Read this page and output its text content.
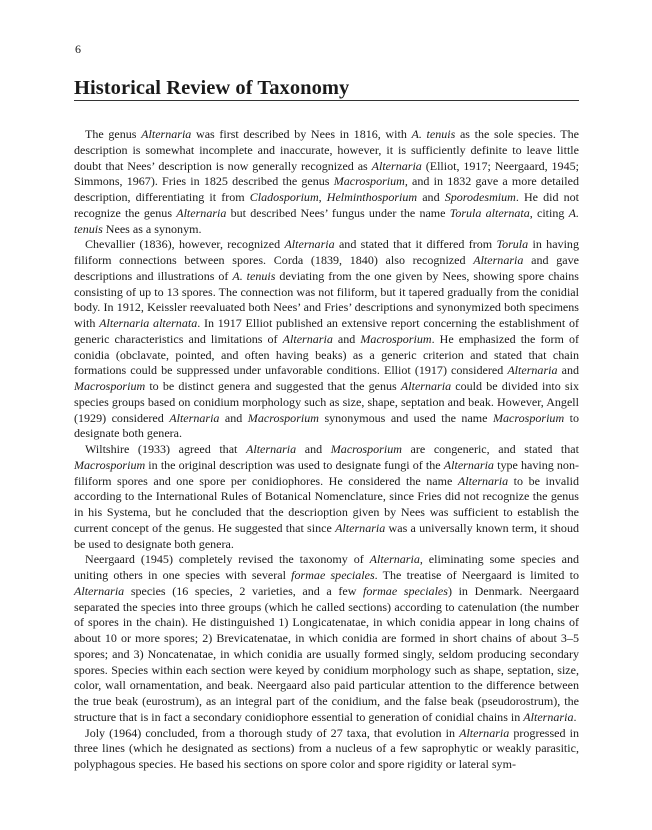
6
Historical Review of Taxonomy

The genus Alternaria was first described by Nees in 1816, with A. tenuis as the sole species. The description is somewhat incomplete and inaccurate, however, it is sufficiently definite to leave little doubt that Nees’ description is now generally recognized as Alternaria (Elliot, 1917; Neergaard, 1945; Simmons, 1967). Fries in 1825 described the genus Macrosporium, and in 1832 gave a more detailed description, differentiating it from Cladosporium, Helminthosporium and Sporodesmium. He did not recognize the genus Alternaria but described Nees’ fungus under the name Torula alternata, citing A. tenuis Nees as a synonym.

Chevallier (1836), however, recognized Alternaria and stated that it differed from Torula in having filiform connections between spores. Corda (1839, 1840) also recognized Alternaria and gave descriptions and illustrations of A. tenuis deviating from the one given by Nees, showing spore chains consisting of up to 13 spores. The connection was not filiform, but it tapered gradually from the conidial body. In 1912, Keissler reevaluated both Nees’ and Fries’ descriptions and synonymized both specimens with Alternaria alternata. In 1917 Elliot published an extensive report concerning the establishment of generic characteristics and limitations of Alternaria and Macrosporium. He emphasized the form of conidia (obclavate, pointed, and often having beaks) as a generic criterion and stated that chain formations could be suppressed under unfavorable conditions. Elliot (1917) considered Alternaria and Macrosporium to be distinct genera and suggested that the genus Alternaria could be divided into six species groups based on conidium morphology such as size, shape, septation and beak. However, Angell (1929) considered Alternaria and Macrosporium synonymous and used the name Macrosporium to designate both genera.

Wiltshire (1933) agreed that Alternaria and Macrosporium are congeneric, and stated that Macrosporium in the original description was used to designate fungi of the Alternaria type having non-filiform spores and one spore per conidiophores. He considered the name Alternaria to be invalid according to the International Rules of Botanical Nomenclature, since Fries did not recognize the genus in his Systema, but he concluded that the descrioption given by Nees was sufficient to establish the current concept of the genus. He suggested that since Alternaria was a universally known term, it shoud be used to designate both genera.

Neergaard (1945) completely revised the taxonomy of Alternaria, eliminating some species and uniting others in one species with several formae speciales. The treatise of Neergaard is limited to Alternaria species (16 species, 2 varieties, and a few formae speciales) in Denmark. Neergaard separated the species into three groups (which he called sections) according to catenulation (the number of spores in the chain). He distinguished 1) Longicatenatae, in which conidia appear in long chains of about 10 or more spores; 2) Brevicatenatae, in which conidia are formed in short chains of about 3–5 spores; and 3) Noncatenatae, in which conidia are usually formed singly, seldom producing secondary spores. Species within each section were keyed by conidium morphology such as shape, septation, size, color, wall ornamentation, and beak. Neergaard also paid particular attention to the difference between the true beak (eurostrum), as an integral part of the conidium, and the false beak (pseudorostrum), the structure that is in fact a secondary conidiophore essential to generation of conidial chains in Alternaria.

Joly (1964) concluded, from a thorough study of 27 taxa, that evolution in Alternaria progressed in three lines (which he designated as sections) from a nucleus of a few saprophytic or weakly parasitic, polyphagous species. He based his sections on spore color and spore rigidity or lateral sym-
